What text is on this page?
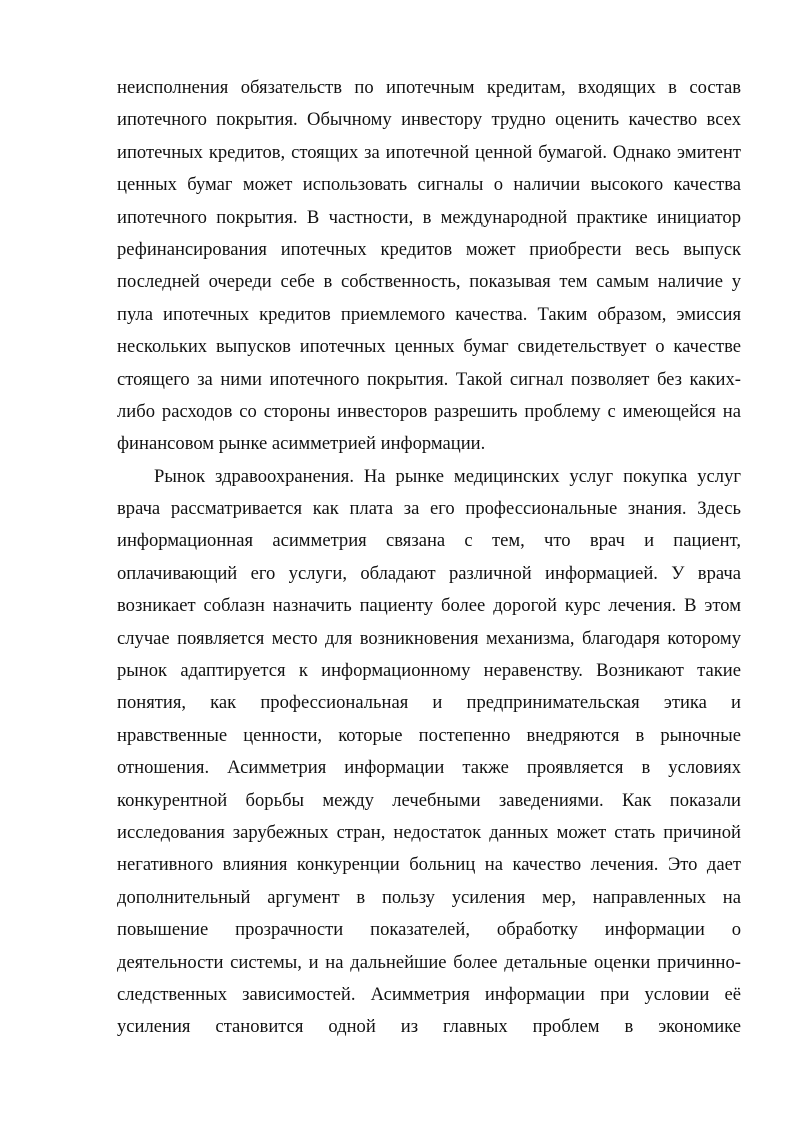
неисполнения обязательств по ипотечным кредитам, входящих в состав
ипотечного покрытия. Обычному инвестору трудно оценить качество всех
ипотечных кредитов, стоящих за ипотечной ценной бумагой. Однако эмитент
ценных бумаг может использовать сигналы о наличии высокого качества
ипотечного покрытия. В частности, в международной практике инициатор
рефинансирования ипотечных кредитов может приобрести весь выпуск
последней очереди себе в собственность, показывая тем самым наличие у
пула ипотечных кредитов приемлемого качества. Таким образом, эмиссия
нескольких выпусков ипотечных ценных бумаг свидетельствует о качестве
стоящего за ними ипотечного покрытия. Такой сигнал позволяет без каких-
либо расходов со стороны инвесторов разрешить проблему с имеющейся на
финансовом рынке асимметрией информации.
Рынок здравоохранения. На рынке медицинских услуг покупка услуг
врача рассматривается как плата за его профессиональные знания. Здесь
информационная асимметрия связана с тем, что врач и пациент,
оплачивающий его услуги, обладают различной информацией. У врача
возникает соблазн назначить пациенту более дорогой курс лечения. В этом
случае появляется место для возникновения механизма, благодаря которому
рынок адаптируется к информационному неравенству. Возникают такие
понятия, как профессиональная и предпринимательская этика и
нравственные ценности, которые постепенно внедряются в рыночные
отношения. Асимметрия информации также проявляется в условиях
конкурентной борьбы между лечебными заведениями. Как показали
исследования зарубежных стран, недостаток данных может стать причиной
негативного влияния конкуренции больниц на качество лечения. Это дает
дополнительный аргумент в пользу усиления мер, направленных на
повышение прозрачности показателей, обработку информации о
деятельности системы, и на дальнейшие более детальные оценки причинно-
следственных зависимостей. Асимметрия информации при условии её
усиления становится одной из главных проблем в экономике
